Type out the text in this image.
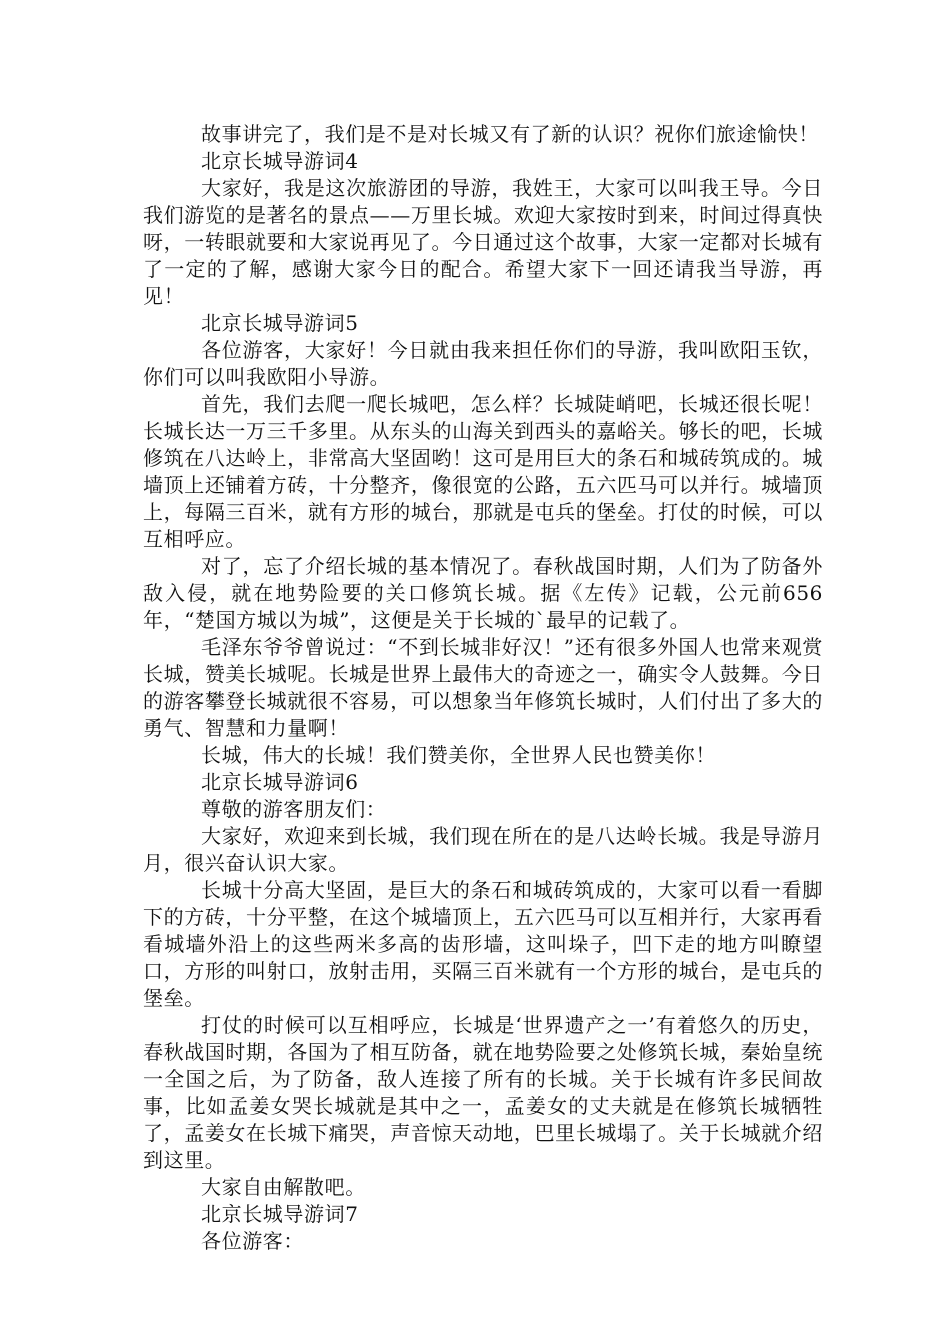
故事讲完了，我们是不是对长城又有了新的认识？祝你们旅途愉快！

北京长城导游词4

大家好，我是这次旅游团的导游，我姓王，大家可以叫我王导。今日我们游览的是著名的景点——万里长城。欢迎大家按时到来，时间过得真快呀，一转眼就要和大家说再见了。今日通过这个故事，大家一定都对长城有了一定的了解，感谢大家今日的配合。希望大家下一回还请我当导游，再见！

北京长城导游词5

各位游客，大家好！今日就由我来担任你们的导游，我叫欧阳玉钦，你们可以叫我欧阳小导游。

首先，我们去爬一爬长城吧，怎么样？长城陡峭吧，长城还很长呢！长城长达一万三千多里。从东头的山海关到西头的嘉峪关。够长的吧，长城修筑在八达岭上，非常高大坚固哟！这可是用巨大的条石和城砖筑成的。城墙顶上还铺着方砖，十分整齐，像很宽的公路，五六匹马可以并行。城墙顶上，每隔三百米，就有方形的城台，那就是屯兵的堡垒。打仗的时候，可以互相呼应。

对了，忘了介绍长城的基本情况了。春秋战国时期，人们为了防备外敌入侵，就在地势险要的关口修筑长城。据《左传》记载，公元前656年，“楚国方城以为城”，这便是关于长城的`最早的记载了。

毛泽东爷爷曾说过：“不到长城非好汉！”还有很多外国人也常来观赏长城，赞美长城呢。长城是世界上最伟大的奇迹之一，确实令人鼓舞。今日的游客攀登长城就很不容易，可以想象当年修筑长城时，人们付出了多大的勇气、智慧和力量啊！

长城，伟大的长城！我们赞美你，全世界人民也赞美你！

北京长城导游词6

尊敬的游客朋友们：

大家好，欢迎来到长城，我们现在所在的是八达岭长城。我是导游月月，很兴奋认识大家。

长城十分高大坚固，是巨大的条石和城砖筑成的，大家可以看一看脚下的方砖，十分平整，在这个城墙顶上，五六匹马可以互相并行，大家再看看城墙外沿上的这些两米多高的齿形墙，这叫垛子，凹下走的地方叫瞭望口，方形的叫射口，放射击用，买隔三百米就有一个方形的城台，是屯兵的堡垒。

打仗的时候可以互相呼应，长城是‘世界遗产之一’有着悠久的历史，春秋战国时期，各国为了相互防备，就在地势险要之处修筑长城，秦始皇统一全国之后，为了防备，敌人连接了所有的长城。关于长城有许多民间故事，比如孟姜女哭长城就是其中之一，孟姜女的丈夫就是在修筑长城牺牲了，孟姜女在长城下痛哭，声音惊天动地，巴里长城塌了。关于长城就介绍到这里。

大家自由解散吧。

北京长城导游词7

各位游客：
